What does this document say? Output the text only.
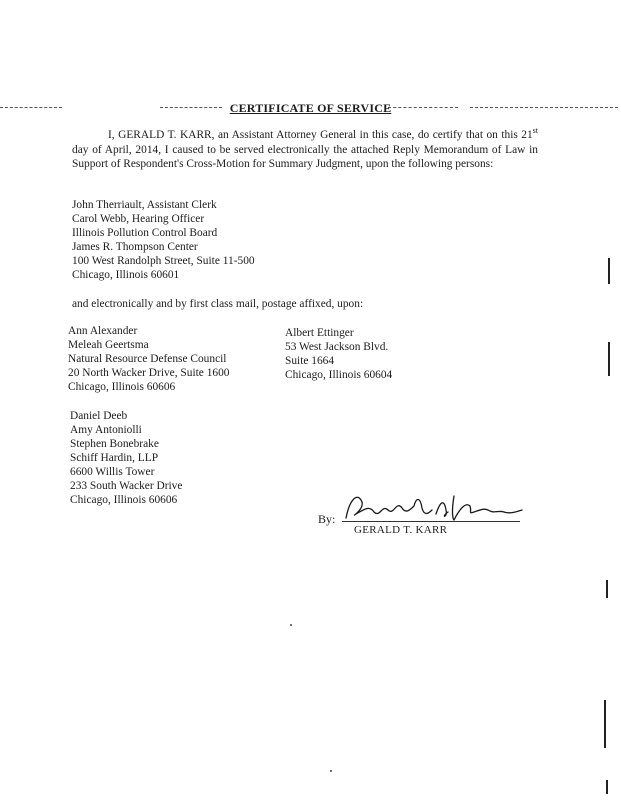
CERTIFICATE OF SERVICE
I, GERALD T. KARR, an Assistant Attorney General in this case, do certify that on this 21st day of April, 2014, I caused to be served electronically the attached Reply Memorandum of Law in Support of Respondent's Cross-Motion for Summary Judgment, upon the following persons:
John Therriault, Assistant Clerk
Carol Webb, Hearing Officer
Illinois Pollution Control Board
James R. Thompson Center
100 West Randolph Street, Suite 11-500
Chicago, Illinois 60601
and electronically and by first class mail, postage affixed, upon:
Ann Alexander
Meleah Geertsma
Natural Resource Defense Council
20 North Wacker Drive, Suite 1600
Chicago, Illinois 60606
Albert Ettinger
53 West Jackson Blvd.
Suite 1664
Chicago, Illinois 60604
Daniel Deeb
Amy Antoniolli
Stephen Bonebrake
Schiff Hardin, LLP
6600 Willis Tower
233 South Wacker Drive
Chicago, Illinois 60606
By:
GERALD T. KARR
